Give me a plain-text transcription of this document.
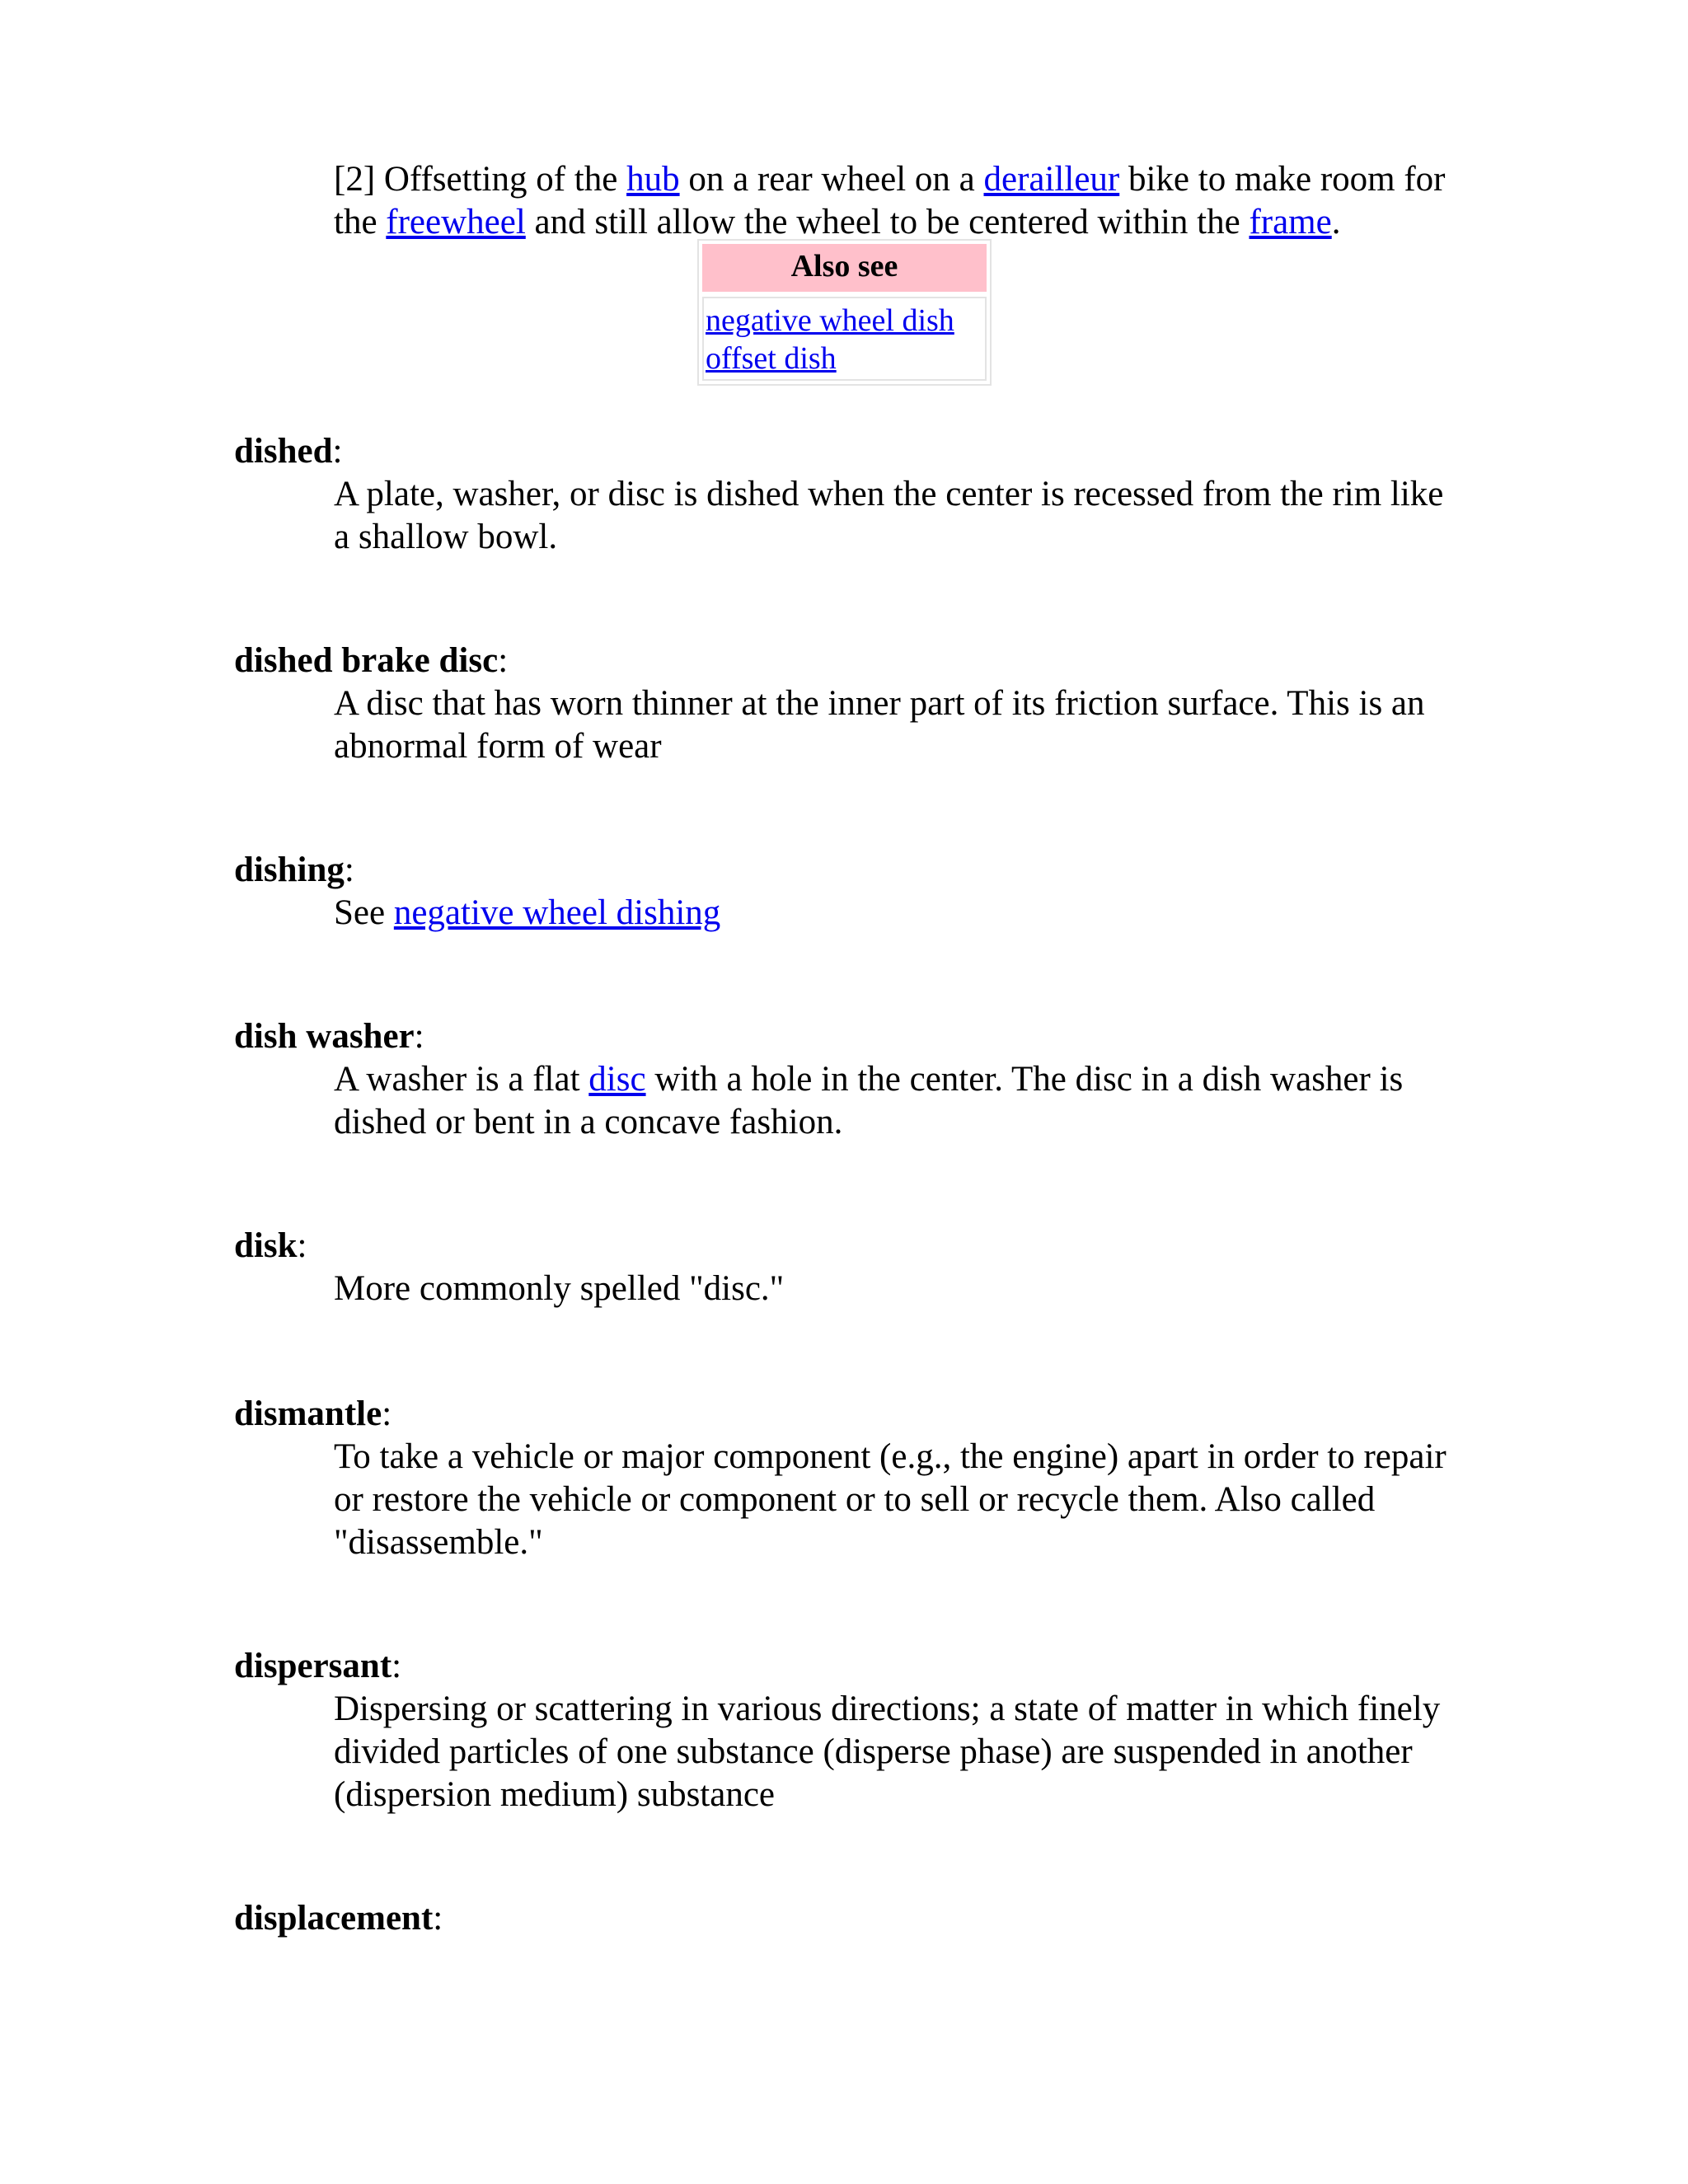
[2] Offsetting of the hub on a rear wheel on a derailleur bike to make room for the freewheel and still allow the wheel to be centered within the frame.
Also see
negative wheel dish
offset dish
dished:
A plate, washer, or disc is dished when the center is recessed from the rim like a shallow bowl.
dished brake disc:
A disc that has worn thinner at the inner part of its friction surface. This is an abnormal form of wear
dishing:
See negative wheel dishing
dish washer:
A washer is a flat disc with a hole in the center. The disc in a dish washer is dished or bent in a concave fashion.
disk:
More commonly spelled "disc."
dismantle:
To take a vehicle or major component (e.g., the engine) apart in order to repair or restore the vehicle or component or to sell or recycle them. Also called "disassemble."
dispersant:
Dispersing or scattering in various directions; a state of matter in which finely divided particles of one substance (disperse phase) are suspended in another (dispersion medium) substance
displacement:
